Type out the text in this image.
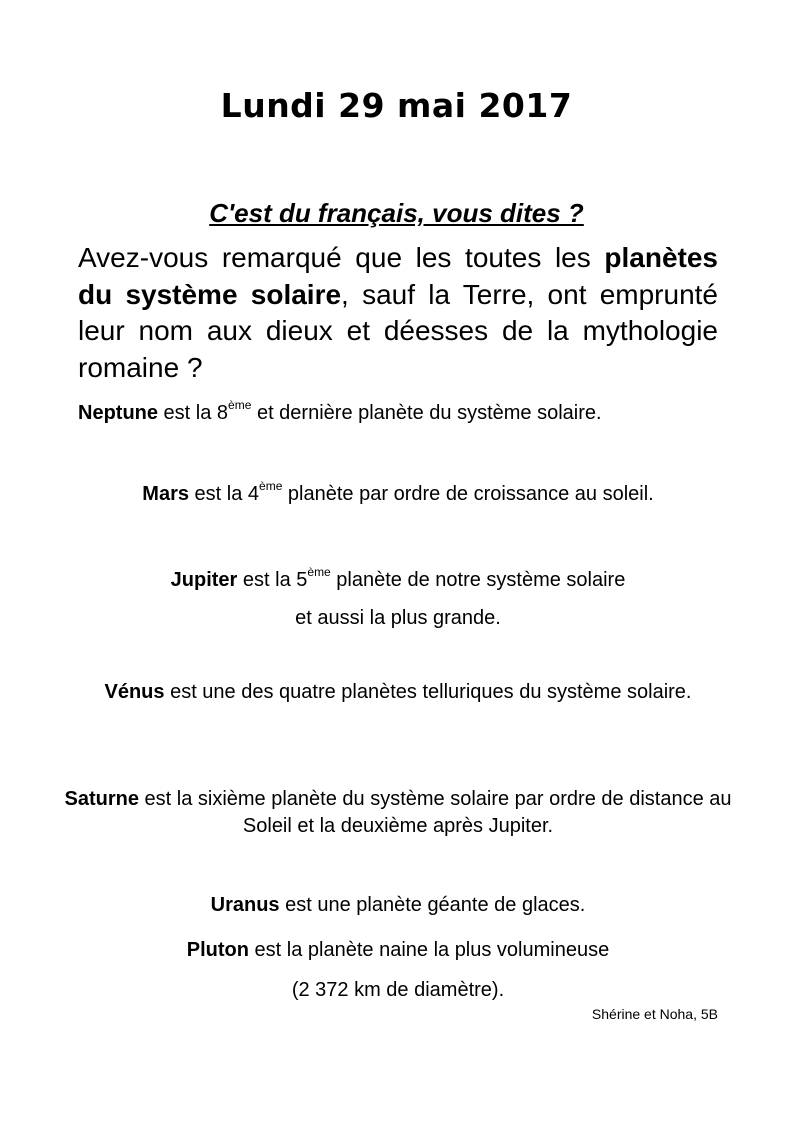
Lundi 29 mai 2017
C'est du français, vous dites ?
Avez-vous remarqué que les toutes les planètes du système solaire, sauf la Terre, ont emprunté leur nom aux dieux et déesses de la mythologie romaine ?
Neptune est la 8ème et dernière planète du système solaire.
Mars est la 4ème planète par ordre de croissance au soleil.
Jupiter est la 5ème planète de notre système solaire
et aussi la plus grande.
Vénus est une des quatre planètes telluriques du système solaire.
Saturne est la sixième planète du système solaire par ordre de distance au Soleil et la deuxième après Jupiter.
Uranus est une planète géante de glaces.
Pluton est la planète naine la plus volumineuse
(2 372 km de diamètre).
Shérine et Noha, 5B
